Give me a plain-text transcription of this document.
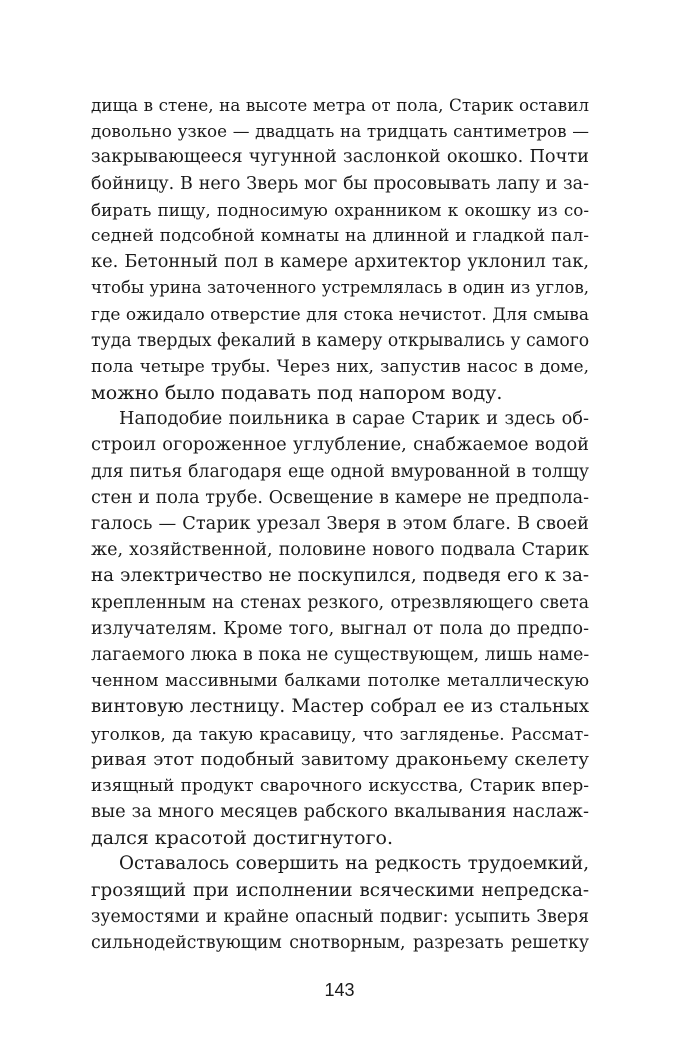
дища в стене, на высоте метра от пола, Старик оставил
довольно узкое — двадцать на тридцать сантиметров —
закрывающееся чугунной заслонкой окошко. Почти
бойницу. В него Зверь мог бы просовывать лапу и за-
бирать пищу, подносимую охранником к окошку из со-
седней подсобной комнаты на длинной и гладкой пал-
ке. Бетонный пол в камере архитектор уклонил так,
чтобы урина заточенного устремлялась в один из углов,
где ожидало отверстие для стока нечистот. Для смыва
туда твердых фекалий в камеру открывались у самого
пола четыре трубы. Через них, запустив насос в доме,
можно было подавать под напором воду.
Наподобие поильника в сарае Старик и здесь об-
строил огороженное углубление, снабжаемое водой
для питья благодаря еще одной вмурованной в толщу
стен и пола трубе. Освещение в камере не предпола-
галось — Старик урезал Зверя в этом благе. В своей
же, хозяйственной, половине нового подвала Старик
на электричество не поскупился, подведя его к за-
крепленным на стенах резкого, отрезвляющего света
излучателям. Кроме того, выгнал от пола до предпо-
лагаемого люка в пока не существующем, лишь наме-
ченном массивными балками потолке металлическую
винтовую лестницу. Мастер собрал ее из стальных
уголков, да такую красавицу, что загляденье. Рассмат-
ривая этот подобный завитому драконьему скелету
изящный продукт сварочного искусства, Старик впер-
вые за много месяцев рабского вкалывания наслаж-
дался красотой достигнутого.
Оставалось совершить на редкость трудоемкий,
грозящий при исполнении всяческими непредска-
зуемостями и крайне опасный подвиг: усыпить Зверя
сильнодействующим снотворным, разрезать решетку
143
